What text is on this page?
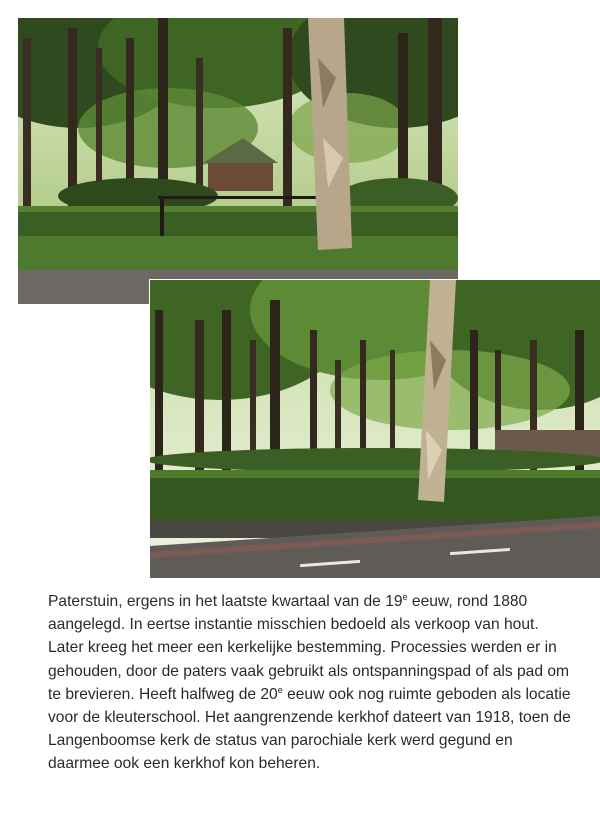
Paterstuin, ergens in het laatste kwartaal van de 19e eeuw, rond 1880 aangelegd. In eertse instantie misschien bedoeld als verkoop van hout. Later kreeg het meer een kerkelijke bestemming. Processies werden er in gehouden, door de paters vaak gebruikt als ontspanningspad of als pad om te brevieren. Heeft halfweg de 20e eeuw ook nog ruimte geboden als locatie voor de kleuterschool. Het aangrenzende kerkhof dateert van 1918, toen de Langenboomse kerk de status van parochiale kerk werd gegund en daarmee ook een kerkhof kon beheren.
